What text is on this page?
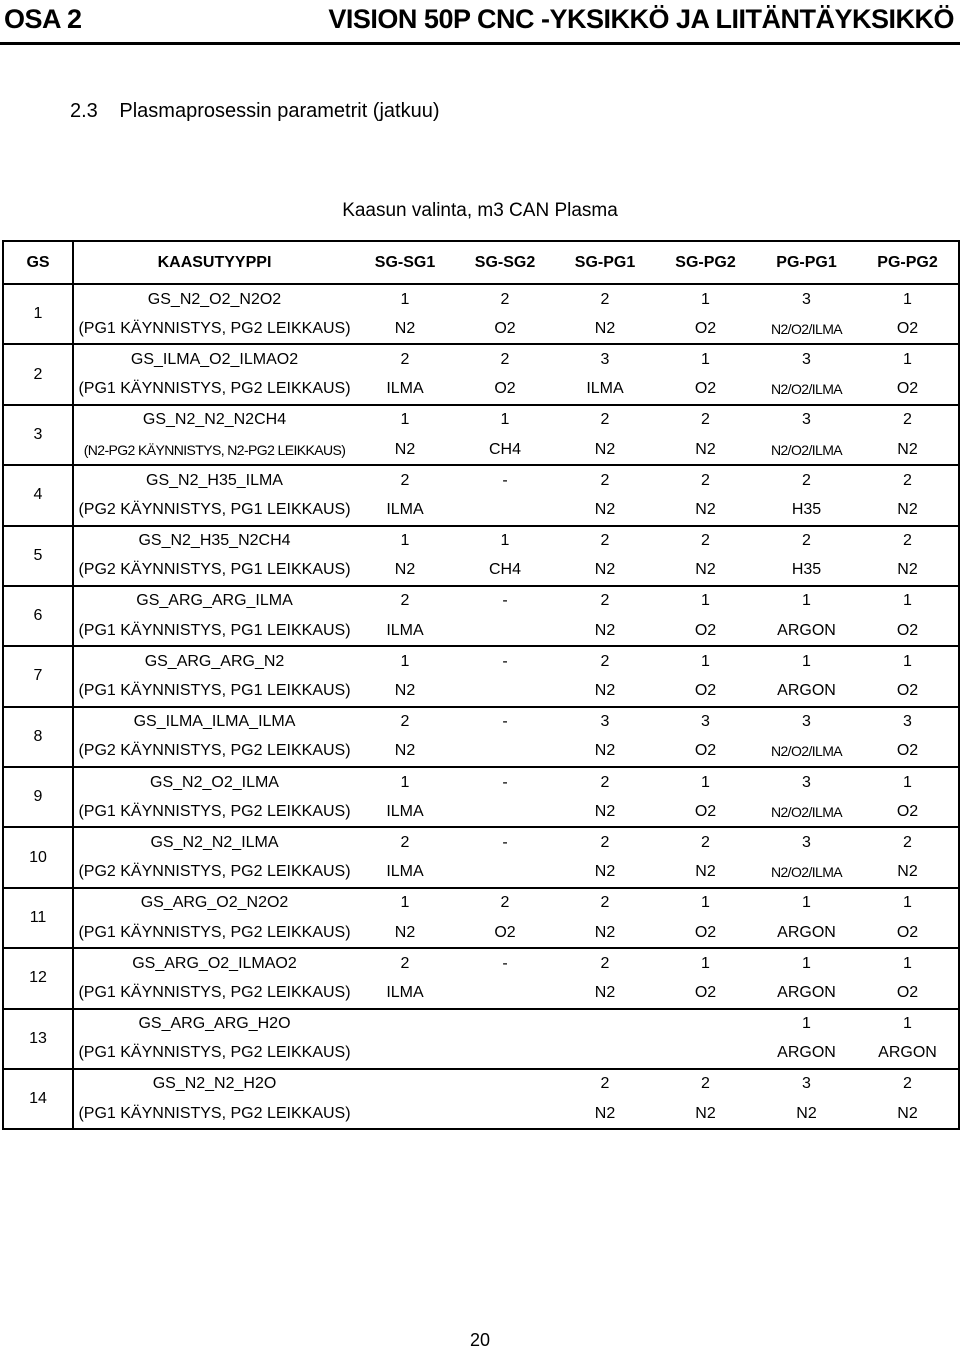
OSA 2	VISION 50P CNC -YKSIKKÖ JA LIITÄNTÄYKSIKKÖ
2.3 Plasmaprosessin parametrit (jatkuu)
Kaasun valinta, m3 CAN Plasma
GS	KAASUTYYPPI	SG-SG1	SG-SG2	SG-PG1	SG-PG2	PG-PG1	PG-PG2
1	GS_N2_O2_N2O2	1	2	2	1	3	1
	(PG1 KÄYNNISTYS, PG2 LEIKKAUS)	N2	O2	N2	O2	N2/O2/ILMA	O2
2	GS_ILMA_O2_ILMAO2	2	2	3	1	3	1
	(PG1 KÄYNNISTYS, PG2 LEIKKAUS)	ILMA	O2	ILMA	O2	N2/O2/ILMA	O2
3	GS_N2_N2_N2CH4	1	1	2	2	3	2
	(N2-PG2 KÄYNNISTYS, N2-PG2 LEIKKAUS)	N2	CH4	N2	N2	N2/O2/ILMA	N2
4	GS_N2_H35_ILMA	2	-	2	2	2	2
	(PG2 KÄYNNISTYS, PG1 LEIKKAUS)	ILMA		N2	N2	H35	N2
5	GS_N2_H35_N2CH4	1	1	2	2	2	2
	(PG2 KÄYNNISTYS, PG1 LEIKKAUS)	N2	CH4	N2	N2	H35	N2
6	GS_ARG_ARG_ILMA	2	-	2	1	1	1
	(PG1 KÄYNNISTYS, PG1 LEIKKAUS)	ILMA		N2	O2	ARGON	O2
7	GS_ARG_ARG_N2	1	-	2	1	1	1
	(PG1 KÄYNNISTYS, PG1 LEIKKAUS)	N2		N2	O2	ARGON	O2
8	GS_ILMA_ILMA_ILMA	2	-	3	3	3	3
	(PG2 KÄYNNISTYS, PG2 LEIKKAUS)	N2		N2	O2	N2/O2/ILMA	O2
9	GS_N2_O2_ILMA	1	-	2	1	3	1
	(PG1 KÄYNNISTYS, PG2 LEIKKAUS)	ILMA		N2	O2	N2/O2/ILMA	O2
10	GS_N2_N2_ILMA	2	-	2	2	3	2
	(PG2 KÄYNNISTYS, PG2 LEIKKAUS)	ILMA		N2	N2	N2/O2/ILMA	N2
11	GS_ARG_O2_N2O2	1	2	2	1	1	1
	(PG1 KÄYNNISTYS, PG2 LEIKKAUS)	N2	O2	N2	O2	ARGON	O2
12	GS_ARG_O2_ILMAO2	2	-	2	1	1	1
	(PG1 KÄYNNISTYS, PG2 LEIKKAUS)	ILMA		N2	O2	ARGON	O2
13	GS_ARG_ARG_H2O					1	1
	(PG1 KÄYNNISTYS, PG2 LEIKKAUS)					ARGON	ARGON
14	GS_N2_N2_H2O			2	2	3	2
	(PG1 KÄYNNISTYS, PG2 LEIKKAUS)			N2	N2	N2	N2
20
